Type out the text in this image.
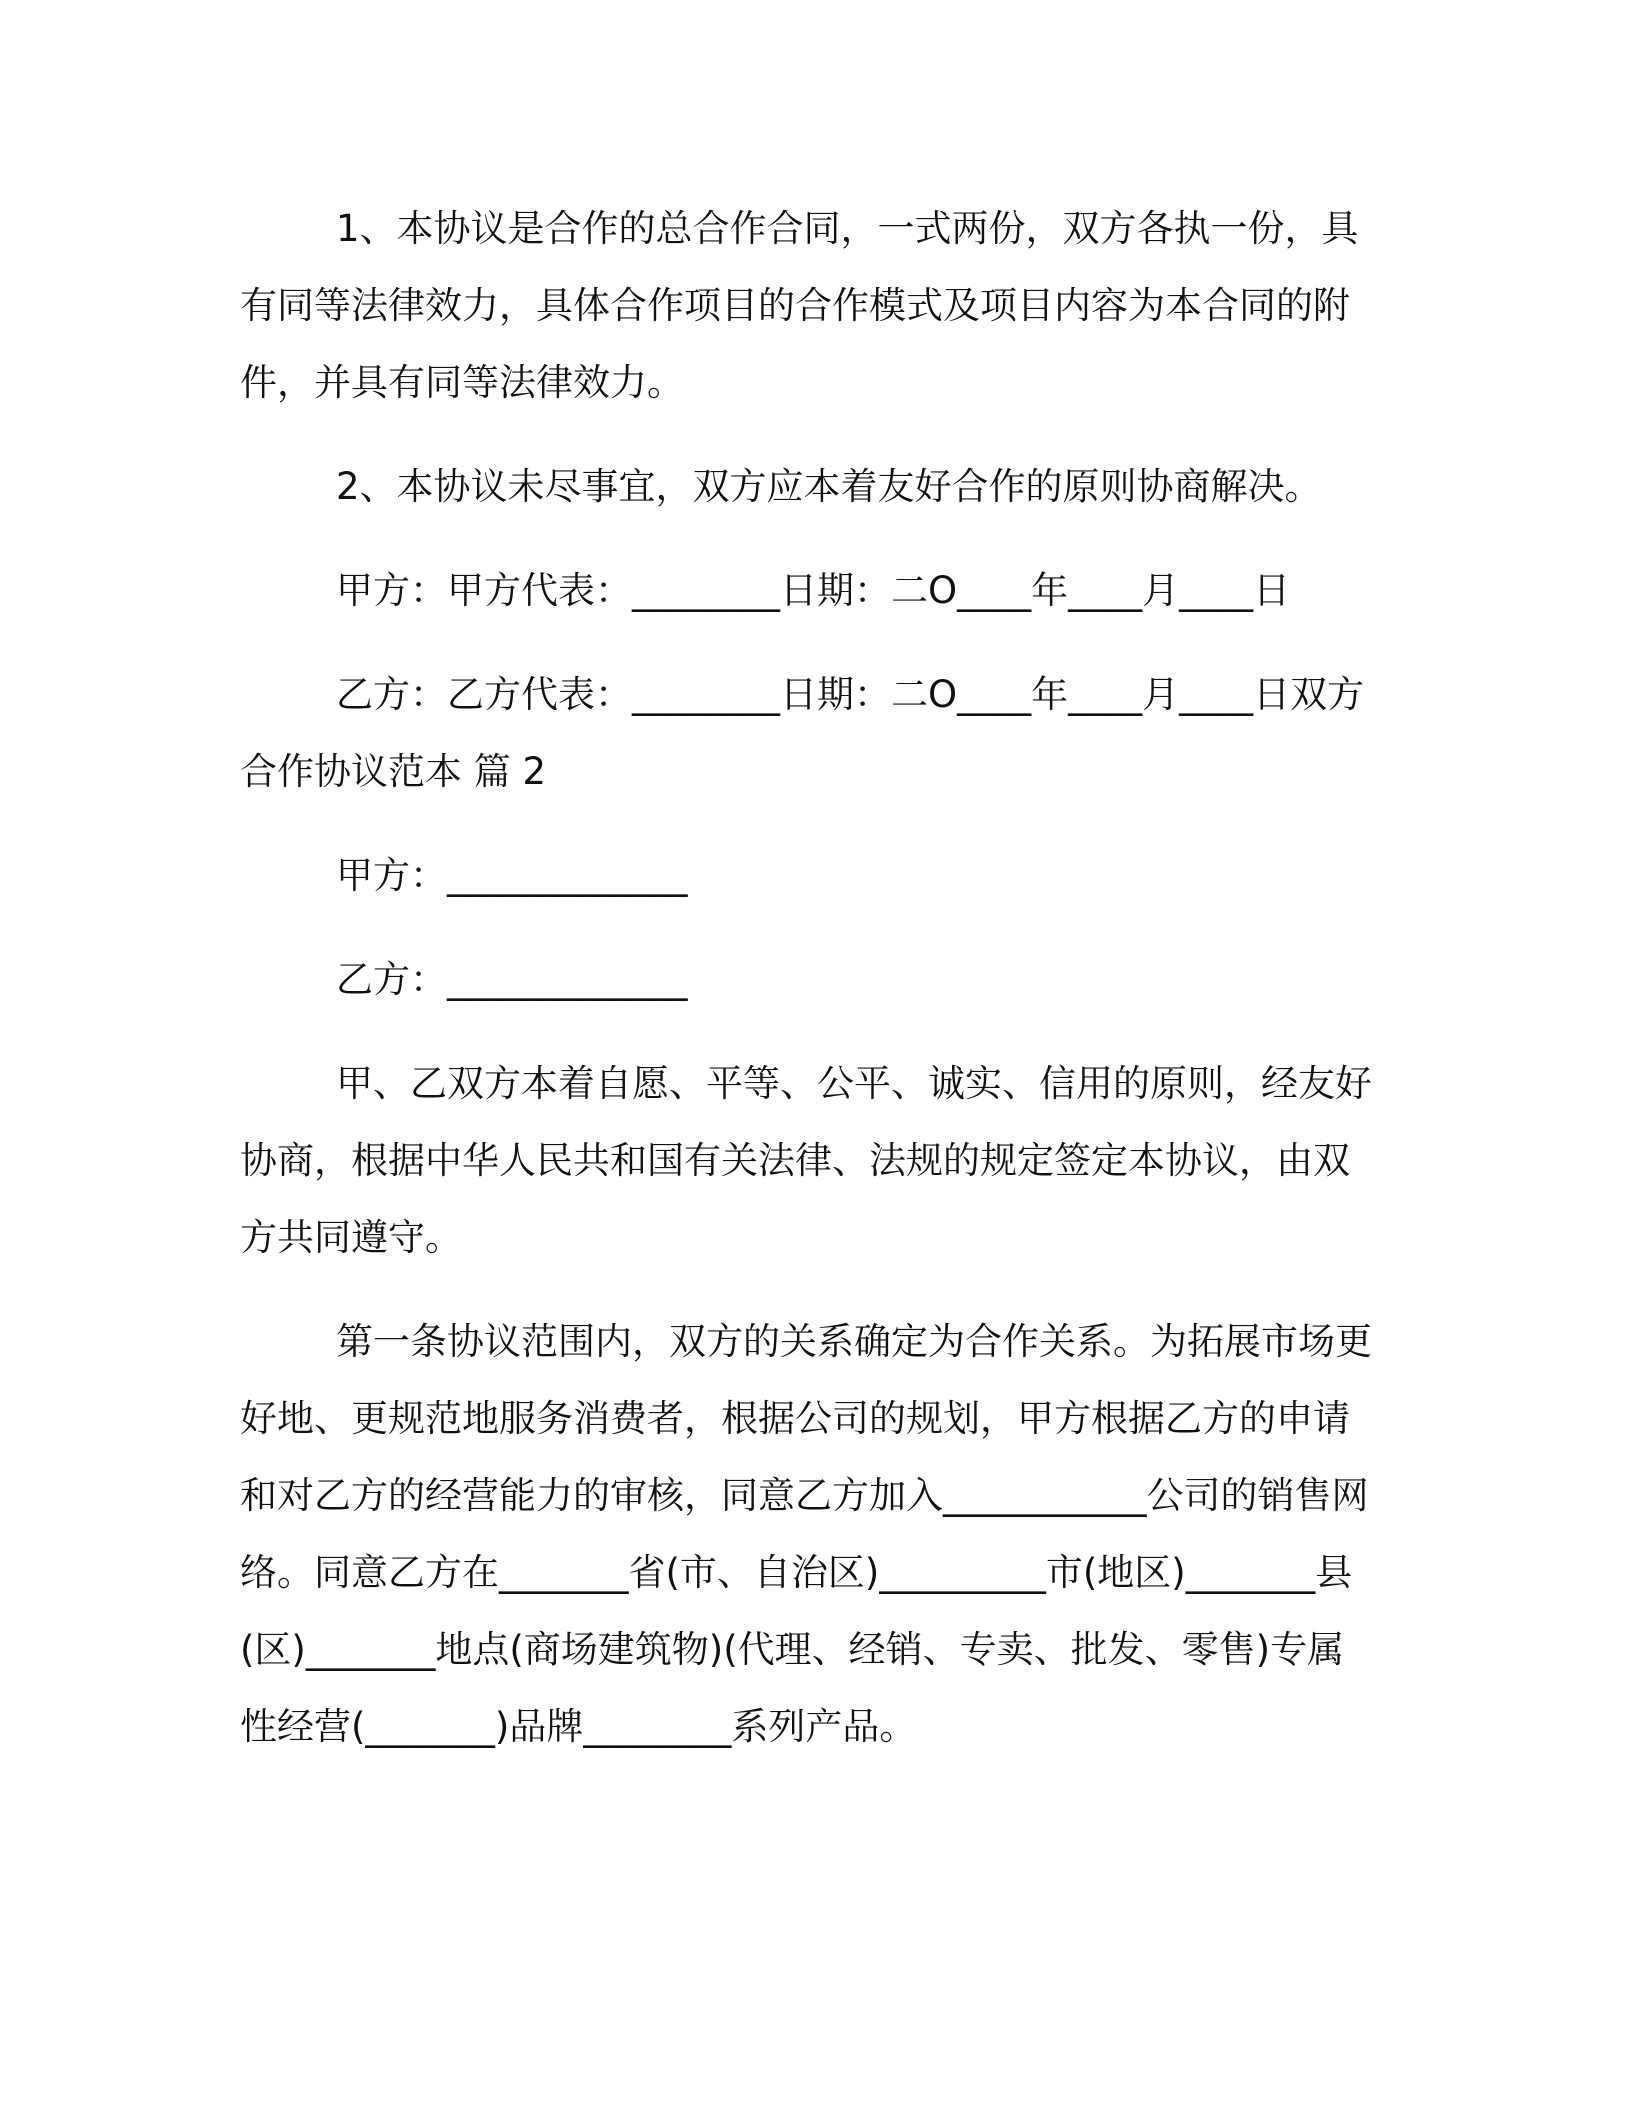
1、本协议是合作的总合作合同，一式两份，双方各执一份，具有同等法律效力，具体合作项目的合作模式及项目内容为本合同的附件，并具有同等法律效力。

2、本协议未尽事宜，双方应本着友好合作的原则协商解决。

甲方：甲方代表：________日期：二O____年____月____日

乙方：乙方代表：________日期：二O____年____月____日双方合作协议范本 篇 2

甲方：_____________

乙方：_____________

甲、乙双方本着自愿、平等、公平、诚实、信用的原则，经友好协商，根据中华人民共和国有关法律、法规的规定签定本协议，由双方共同遵守。

第一条协议范围内，双方的关系确定为合作关系。为拓展市场更好地、更规范地服务消费者，根据公司的规划，甲方根据乙方的申请和对乙方的经营能力的审核，同意乙方加入___________公司的销售网络。同意乙方在_______省(市、自治区)_________市(地区)_______县(区)_______地点(商场建筑物)(代理、经销、专卖、批发、零售)专属性经营(_______)品牌________系列产品。
